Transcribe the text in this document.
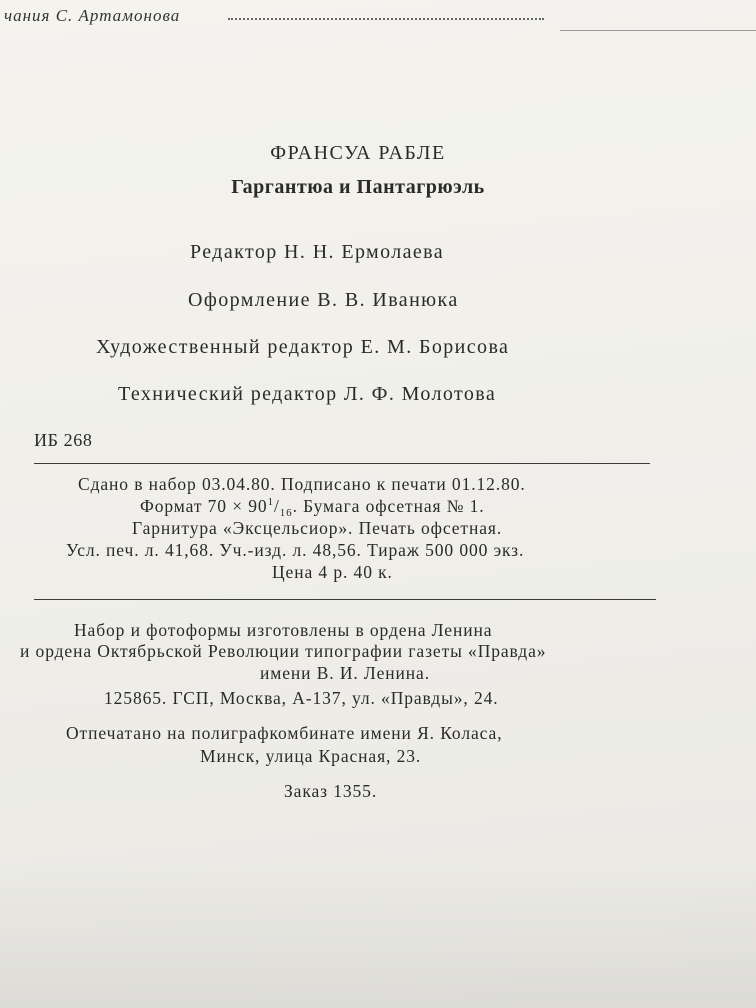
чания С. Артамонова
ФРАНСУА РАБЛЕ
Гаргантюа и Пантагрюэль
Редактор Н. Н. Ермолаева
Оформление В. В. Иванюка
Художественный редактор Е. М. Борисова
Технический редактор Л. Ф. Молотова
ИБ 268
Сдано в набор 03.04.80. Подписано к печати 01.12.80.
Формат $70 \times 90^1/_{16}$. Бумага офсетная № 1.
Гарнитура «Эксцельсиор». Печать офсетная.
Усл. печ. л. 41,68. Уч.-изд. л. 48,56. Тираж 500 000 экз.
Цена 4 р. 40 к.
Набор и фотоформы изготовлены в ордена Ленина
и ордена Октябрьской Революции типографии газеты «Правда»
имени В. И. Ленина.
125865. ГСП, Москва, А-137, ул. «Правды», 24.
Отпечатано на полиграфкомбинате имени Я. Коласа,
Минск, улица Красная, 23.
Заказ 1355.
